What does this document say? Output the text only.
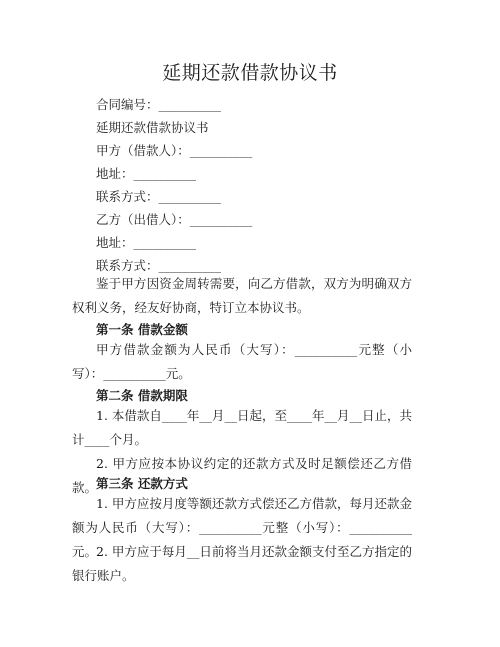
延期还款借款协议书
合同编号：__________
延期还款借款协议书
甲方（借款人）：__________
地址：__________
联系方式：__________
乙方（出借人）：__________
地址：__________
联系方式：__________
鉴于甲方因资金周转需要，向乙方借款，双方为明确双方权利义务，经友好协商，特订立本协议书。
第一条 借款金额
甲方借款金额为人民币（大写）：__________元整（小写）：__________元。
第二条 借款期限
1. 本借款自____年__月__日起，至____年__月__日止，共计____个月。
2. 甲方应按本协议约定的还款方式及时足额偿还乙方借款。
第三条 还款方式
1. 甲方应按月度等额还款方式偿还乙方借款，每月还款金额为人民币（大写）：__________元整（小写）：__________元。
2. 甲方应于每月__日前将当月还款金额支付至乙方指定的银行账户。
